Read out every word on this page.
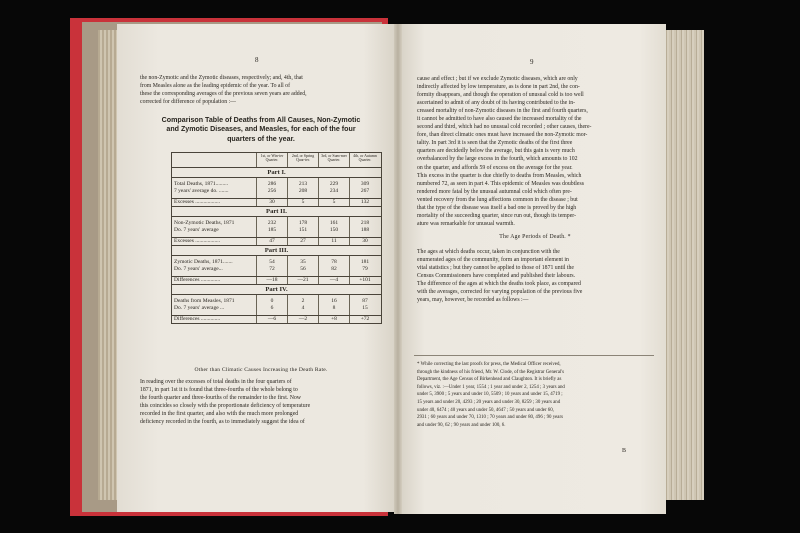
8
the non-Zymotic and the Zymotic diseases, respectively; and, 4th, that
from Measles alone as the leading epidemic of the year. To all of
these the corresponding averages of the previous seven years are added,
corrected for difference of population :—
Comparison Table of Deaths from All Causes, Non-Zymotic
and Zymotic Diseases, and Measles, for each of the four
quarters of the year.
1st, or Win-ter Quarter.
2nd, or Spring Quar-ter.
3rd, or Sum-mer Quarter.
4th, or Autumn Quarter.
Part I.
Total Deaths, 1871.........	286	213	229	309
7 years' average do. .......	256	208	234	267
Excesses ..................	30	5	5	132
Part II.
Non-Zymotic Deaths, 1871	232	178	161	218
Do. 7 years' average	185	151	150	188
Excesses ..................	47	27	11	30
Part III.
Zymotic Deaths, 1871.......	54	35	78	181
Do. 7 years' average...	72	56	82	79
Differences ..............	—18	—21	—4	+101
Part IV.
Deaths from Measles, 1871	0	2	16	87
Do. 7 years' average ...	6	4	8	15
Differences ..............	—6	—2	+8	+72
Other than Climatic Causes Increasing the Death Rate.
In reading over the excesses of total deaths in the four quarters of
1871, in part 1st it is found that three-fourths of the whole belong to
the fourth quarter and three-fourths of the remainder to the first. Now
this coincides so closely with the proportionate deficiency of temperature
recorded in the first quarter, and also with the much more prolonged
deficiency recorded in the fourth, as to immediately suggest the idea of
9
cause and effect ; but if we exclude Zymotic diseases, which are only
indirectly affected by low temperature, as is done in part 2nd, the con-
formity disappears, and though the operation of unusual cold is too well
ascertained to admit of any doubt of its having contributed to the in-
creased mortality of non-Zymotic diseases in the first and fourth quarters,
it cannot be admitted to have also caused the increased mortality of the
second and third, which had no unusual cold recorded ; other causes, there-
fore, than direct climatic ones must have increased the non-Zymotic mor-
tality. In part 3rd it is seen that the Zymotic deaths of the first three
quarters are decidedly below the average, but this gain is very much
overbalanced by the large excess in the fourth, which amounts to 102
on the quarter, and affords 59 of excess on the average for the year.
This excess in the quarter is due chiefly to deaths from Measles, which
numbered 72, as seen in part 4. This epidemic of Measles was doubtless
rendered more fatal by the unusual autumnal cold which often pre-
vented recovery from the lung affections common in the disease ; but
that the type of the disease was itself a bad one is proved by the high
mortality of the succeeding quarter, since run out, though its temper-
ature was remarkable for unusual warmth.
The Age Periods of Death. *
The ages at which deaths occur, taken in conjunction with the
enumerated ages of the community, form an important element in
vital statistics ; but they cannot be applied to those of 1871 until the
Census Commissioners have completed and published their labours.
The difference of the ages at which the deaths took place, as compared
with the averages, corrected for varying population of the previous five
years, may, however, be recorded as follows :—
* While correcting the last proofs for press, the Medical Officer received,
through the kindness of his friend, Mr. W. Clode, of the Registrar General's
Department, the Age Census of Birkenhead and Claughton. It is briefly as
follows, viz. :—Under 1 year, 1554 ; 1 year and under 2, 1254 ; 3 years and
under 5, 3900 ; 5 years and under 10, 5509 ; 10 years and under 15, 4719 ;
15 years and under 20, 4293 ; 20 years and under 30, 8259 ; 30 years and
under 40, 6474 ; 40 years and under 50, 4647 ; 50 years and under 60,
2931 ; 60 years and under 70, 1310 ; 70 years and under 80, 496 ; 90 years
and under 90, 62 ; 90 years and under 100, 6.
B
